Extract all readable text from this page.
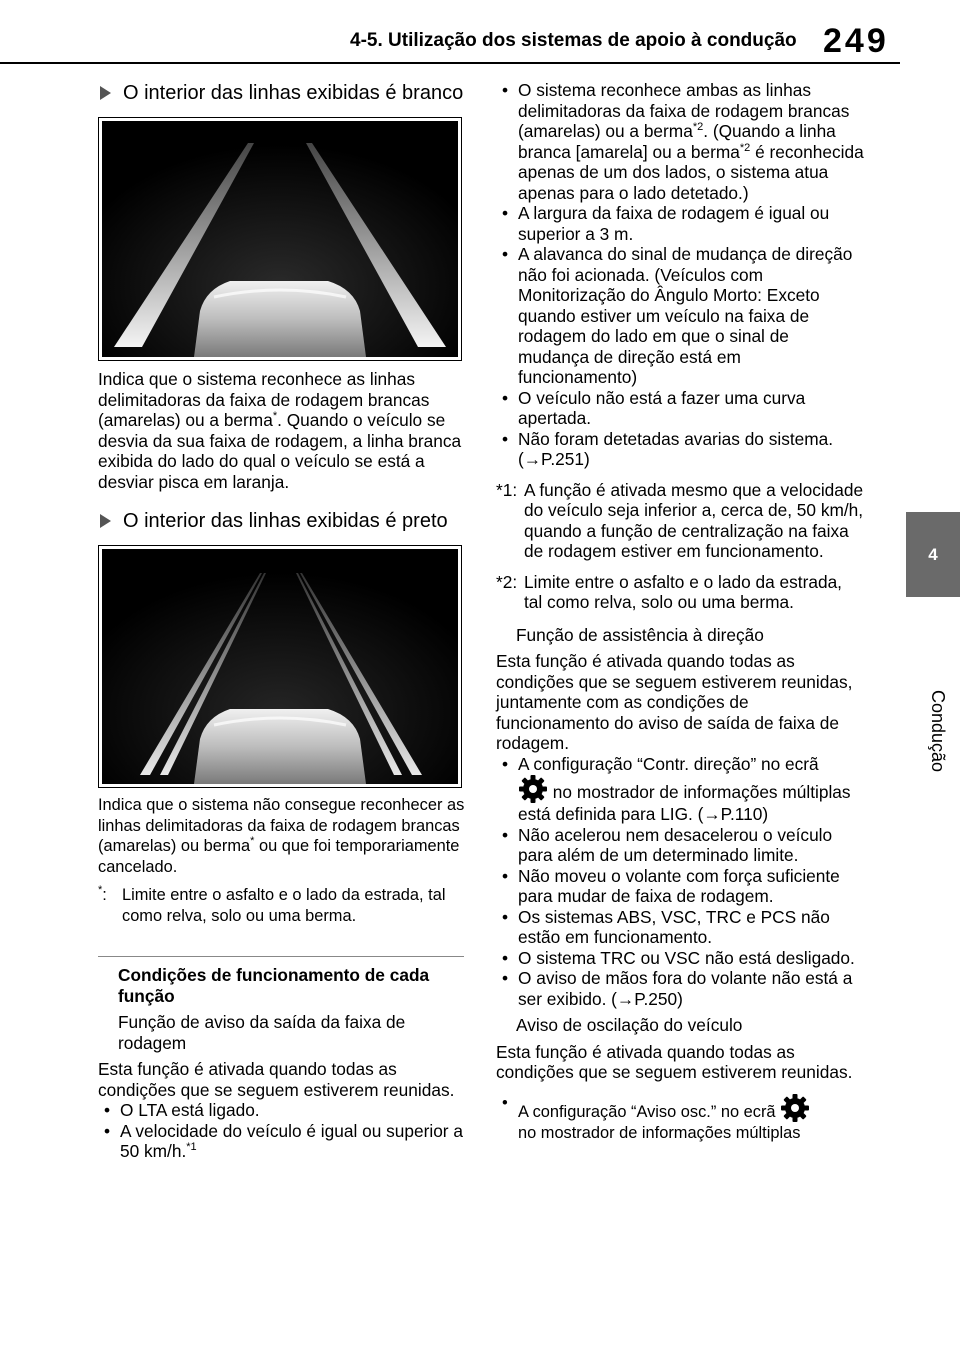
4-5. Utilização dos sistemas de apoio à condução 249
4
Condução
O interior das linhas exibidas é branco

Indica que o sistema reconhece as linhas delimitadoras da faixa de rodagem brancas (amarelas) ou a berma*. Quando o veículo se desvia da sua faixa de rodagem, a linha branca exibida do lado do qual o veículo se está a desviar pisca em laranja.

O interior das linhas exibidas é preto

Indica que o sistema não consegue reconhecer as linhas delimitadoras da faixa de rodagem brancas (amarelas) ou berma* ou que foi temporariamente cancelado.

*: Limite entre o asfalto e o lado da estrada, tal como relva, solo ou uma berma.
Condições de funcionamento de cada função
Função de aviso da saída da faixa de rodagem

Esta função é ativada quando todas as condições que se seguem estiverem reunidas.

• O LTA está ligado.
• A velocidade do veículo é igual ou superior a 50 km/h.$^{*1}$
• O sistema reconhece ambas as linhas delimitadoras da faixa de rodagem brancas (amarelas) ou a berma$^{*2}$. (Quando a linha branca [amarela] ou a berma$^{*2}$ é reconhecida apenas de um dos lados, o sistema atua apenas para o lado detetado.)
• A largura da faixa de rodagem é igual ou superior a 3 m.
• A alavanca do sinal de mudança de direção não foi acionada. (Veículos com Monitorização do Ângulo Morto: Exceto quando estiver um veículo na faixa de rodagem do lado em que o sinal de mudança de direção está em funcionamento)
• O veículo não está a fazer uma curva apertada.
• Não foram detetadas avarias do sistema. (→P.251)
*1: A função é ativada mesmo que a velocidade do veículo seja inferior a, cerca de, 50 km/h, quando a função de centralização na faixa de rodagem estiver em funcionamento.
*2: Limite entre o asfalto e o lado da estrada, tal como relva, solo ou uma berma.
Função de assistência à direção

Esta função é ativada quando todas as condições que se seguem estiverem reunidas, juntamente com as condições de funcionamento do aviso de saída de faixa de rodagem.

• A configuração “Contr. direção” no ecrã
no mostrador de informações múltiplas está definida para LIG. (→P.110)
• Não acelerou nem desacelerou o veículo para além de um determinado limite.
• Não moveu o volante com força suficiente para mudar de faixa de rodagem.
• Os sistemas ABS, VSC, TRC e PCS não estão em funcionamento.
• O sistema TRC ou VSC não está desligado.
• O aviso de mãos fora do volante não está a ser exibido. (→P.250)
Aviso de oscilação do veículo

Esta função é ativada quando todas as condições que se seguem estiverem reunidas.

• A configuração “Aviso osc.” no ecrã
no mostrador de informações múltiplas
